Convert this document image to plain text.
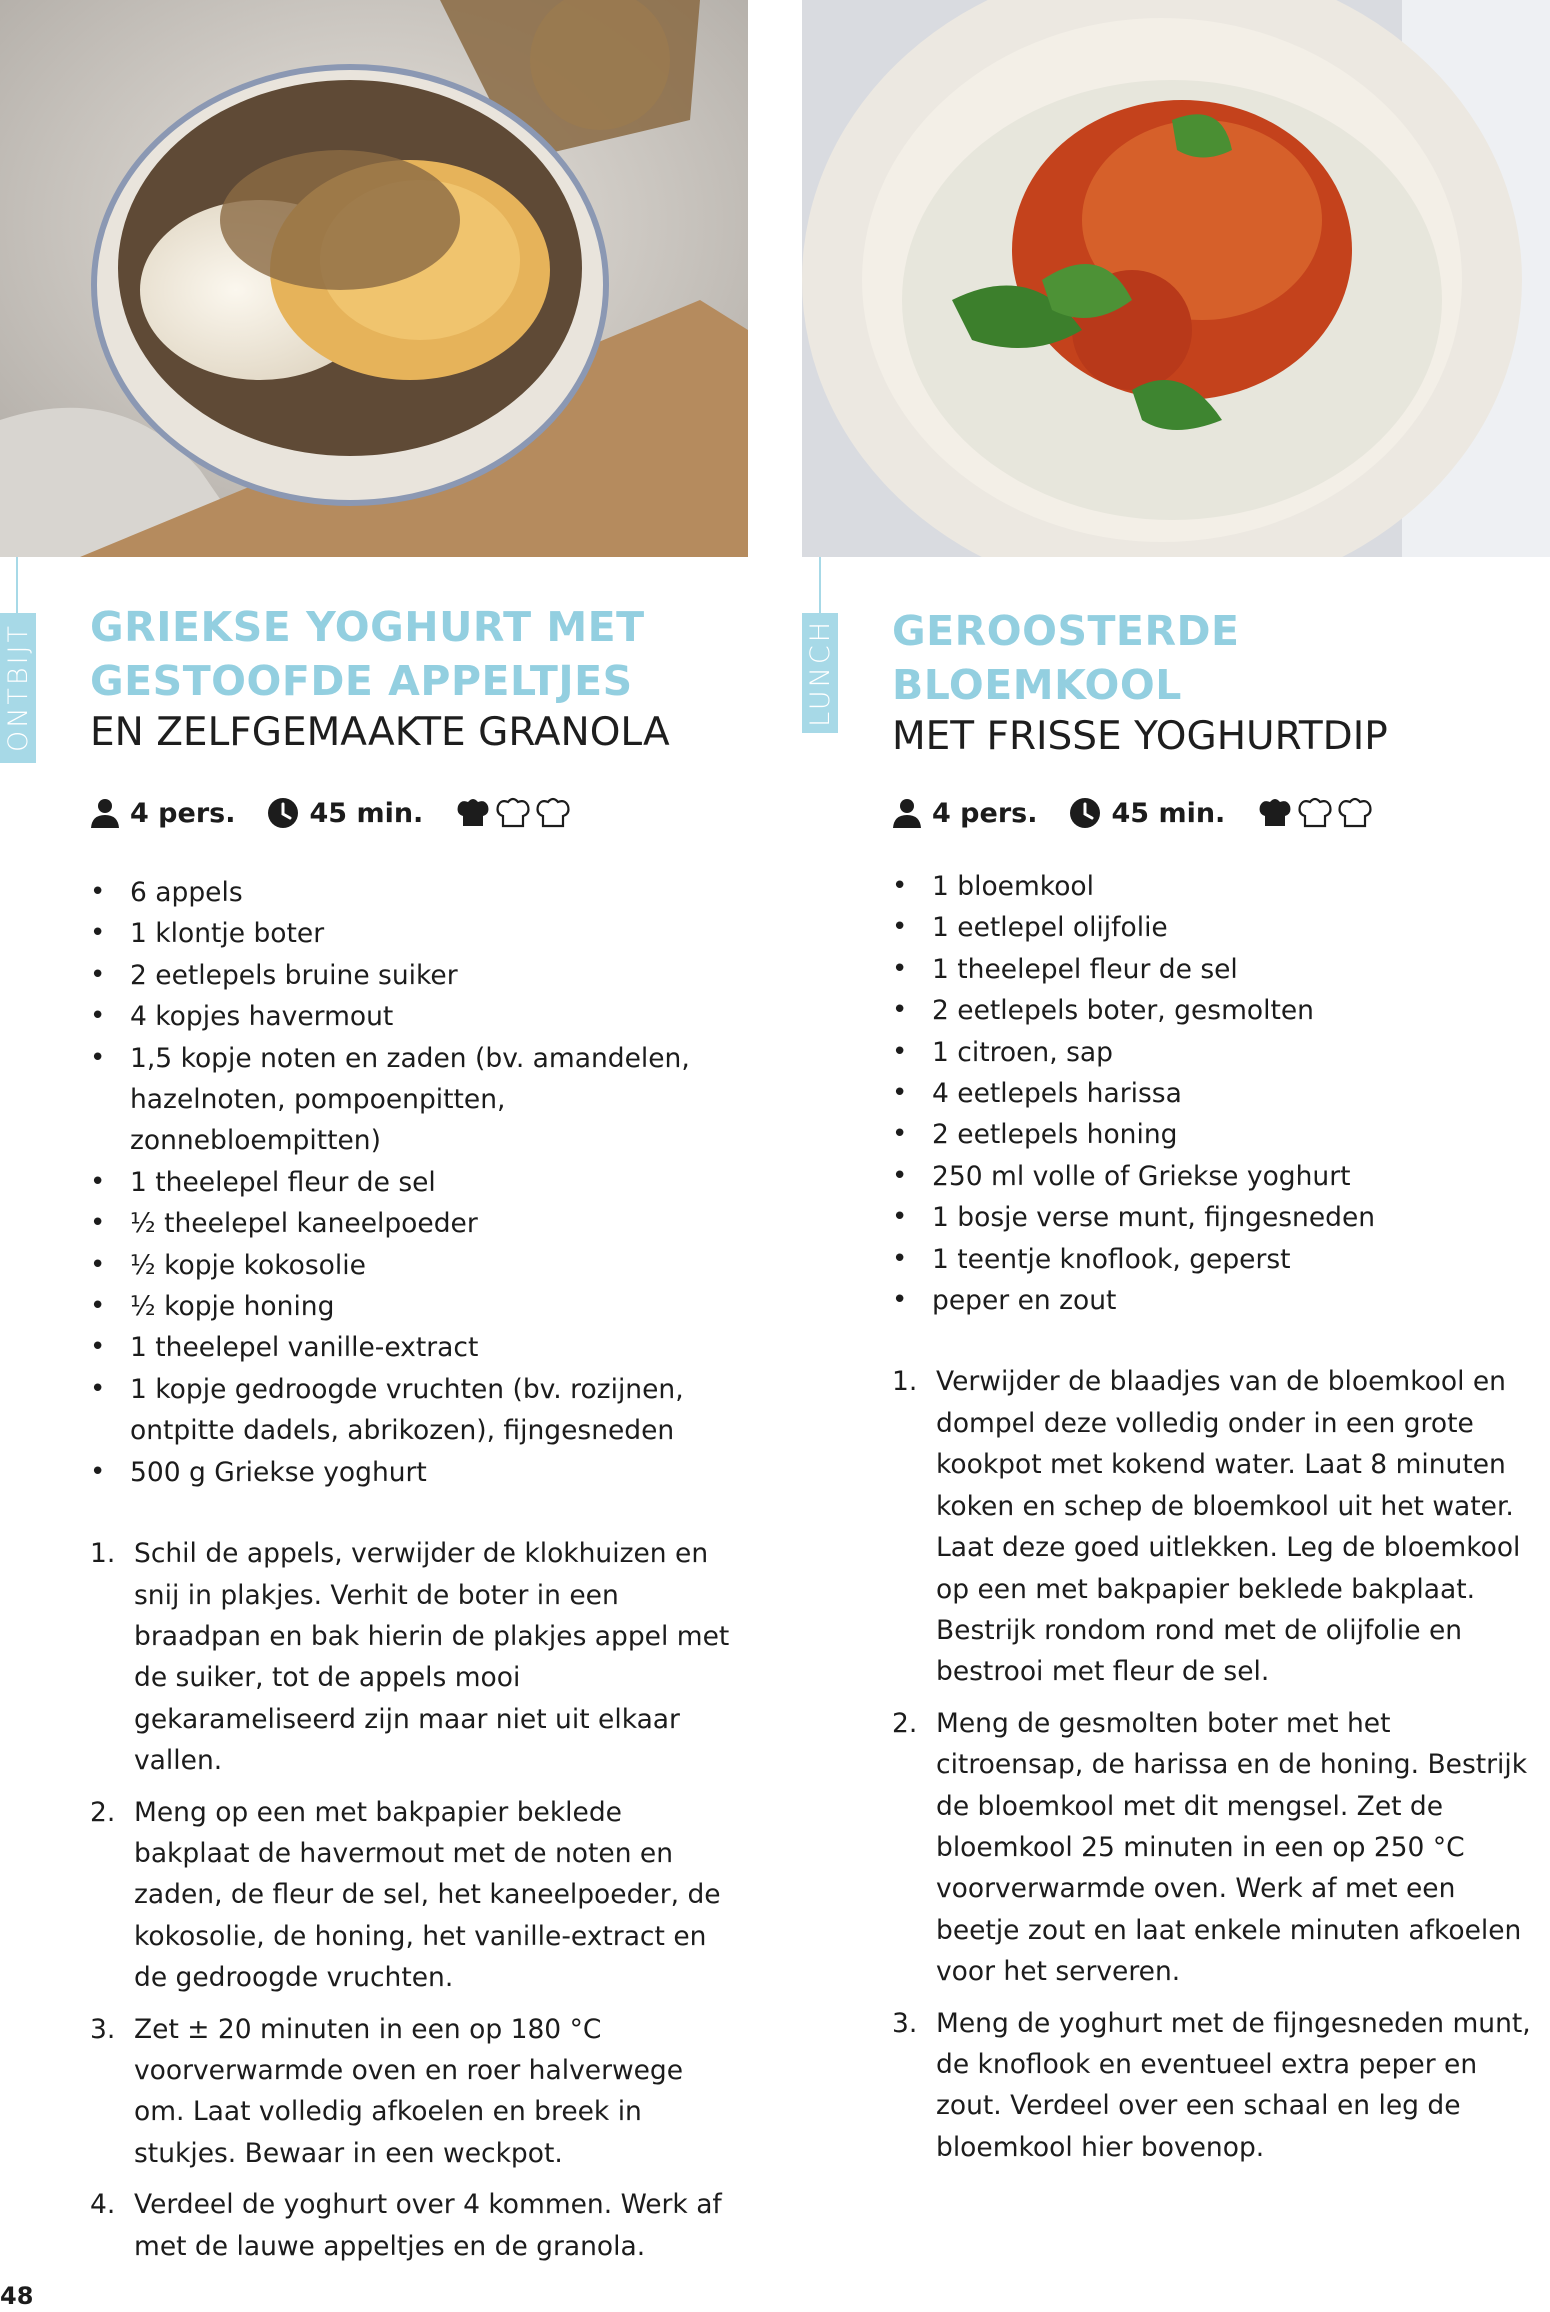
ONTBIJT	LUNCH
GRIEKSE YOGHURT MET
GESTOOFDE APPELTJES
EN ZELFGEMAAKTE GRANOLA
4 pers.	45 min.
• 6 appels
• 1 klontje boter
• 2 eetlepels bruine suiker
• 4 kopjes havermout
• 1,5 kopje noten en zaden (bv. amandelen, hazelnoten, pompoenpitten, zonnebloempitten)
• 1 theelepel fleur de sel
• ½ theelepel kaneelpoeder
• ½ kopje kokosolie
• ½ kopje honing
• 1 theelepel vanille-extract
• 1 kopje gedroogde vruchten (bv. rozijnen, ontpitte dadels, abrikozen), fijngesneden
• 500 g Griekse yoghurt
1. Schil de appels, verwijder de klokhuizen en snij in plakjes. Verhit de boter in een braadpan en bak hierin de plakjes appel met de suiker, tot de appels mooi gekarameliseerd zijn maar niet uit elkaar vallen.
2. Meng op een met bakpapier beklede bakplaat de havermout met de noten en zaden, de fleur de sel, het kaneelpoeder, de kokosolie, de honing, het vanille-extract en de gedroogde vruchten.
3. Zet ± 20 minuten in een op 180 °C voorverwarmde oven en roer halverwege om. Laat volledig afkoelen en breek in stukjes. Bewaar in een weckpot.
4. Verdeel de yoghurt over 4 kommen. Werk af met de lauwe appeltjes en de granola.
GEROOSTERDE BLOEMKOOL
MET FRISSE YOGHURTDIP
4 pers.	45 min.
• 1 bloemkool
• 1 eetlepel olijfolie
• 1 theelepel fleur de sel
• 2 eetlepels boter, gesmolten
• 1 citroen, sap
• 4 eetlepels harissa
• 2 eetlepels honing
• 250 ml volle of Griekse yoghurt
• 1 bosje verse munt, fijngesneden
• 1 teentje knoflook, geperst
• peper en zout
1. Verwijder de blaadjes van de bloemkool en dompel deze volledig onder in een grote kookpot met kokend water. Laat 8 minuten koken en schep de bloemkool uit het water. Laat deze goed uitlekken. Leg de bloemkool op een met bakpapier beklede bakplaat. Bestrijk rondom rond met de olijfolie en bestrooi met fleur de sel.
2. Meng de gesmolten boter met het citroensap, de harissa en de honing. Bestrijk de bloemkool met dit mengsel. Zet de bloemkool 25 minuten in een op 250 °C voorverwarmde oven. Werk af met een beetje zout en laat enkele minuten afkoelen voor het serveren.
3. Meng de yoghurt met de fijngesneden munt, de knoflook en eventueel extra peper en zout. Verdeel over een schaal en leg de bloemkool hier bovenop.
48
